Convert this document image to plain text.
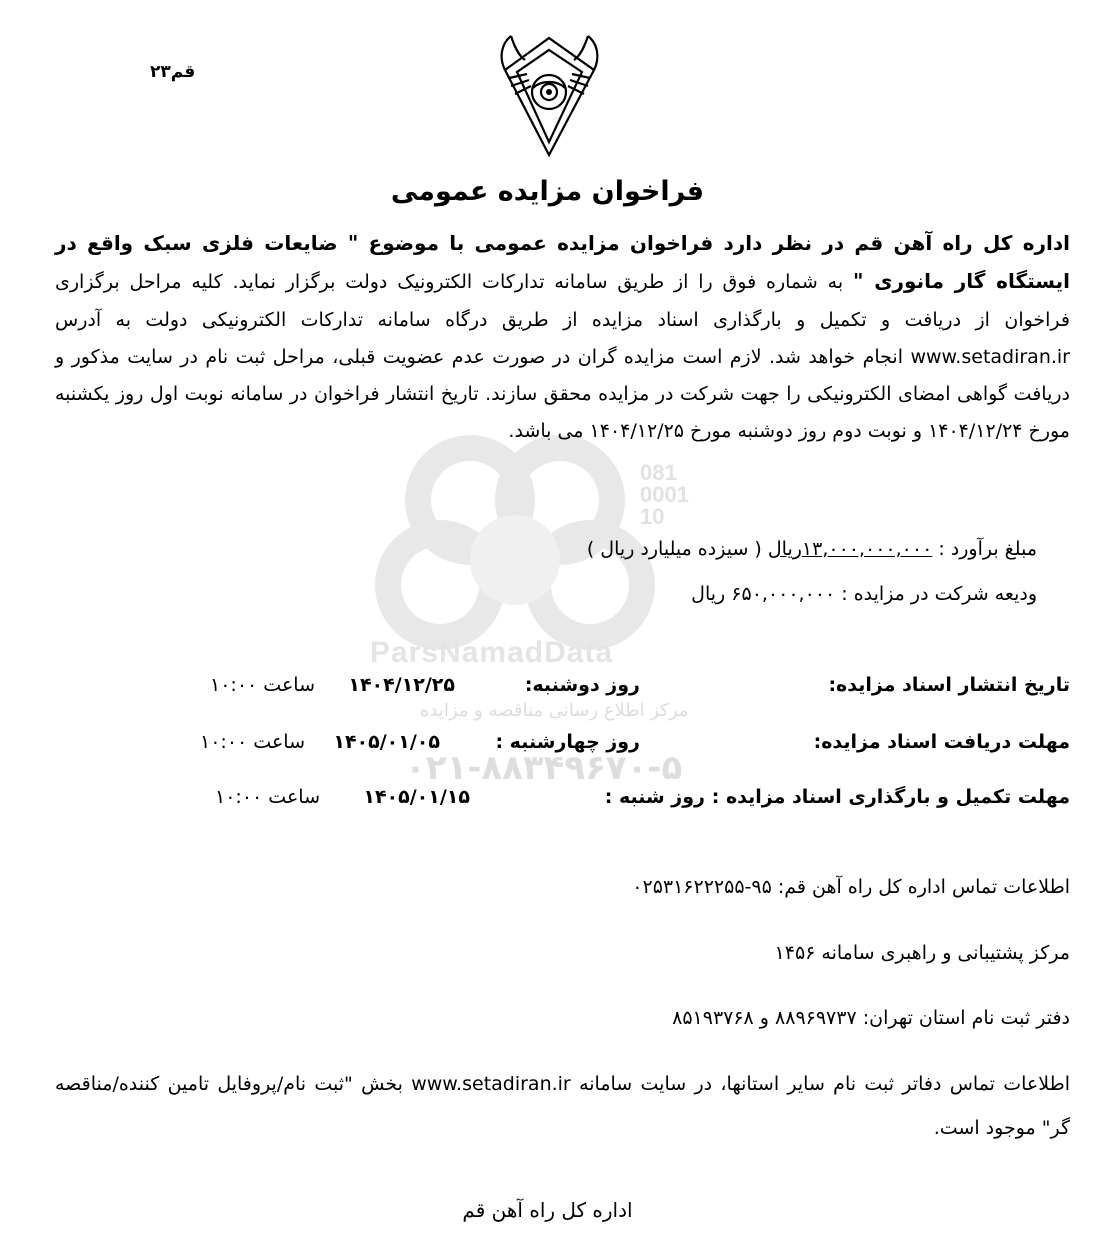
081
0001
10
ParsNamadData
مرکز اطلاع رسانی مناقصه و مزایده
۰۲۱-۸۸۳۴۹۶۷۰-۵
قم۲۳
فراخوان مزایده عمومی
اداره کل راه آهن قم در نظر دارد فراخوان مزایده عمومی با موضوع " ضایعات فلزی سبک واقع در ایستگاه گار مانوری " به شماره فوق را از طریق سامانه تدارکات الکترونیک دولت برگزار نماید. کلیه مراحل برگزاری فراخوان از دریافت و تکمیل و بارگذاری اسناد مزایده از طریق درگاه سامانه تدارکات الکترونیکی دولت به آدرس www.setadiran.ir انجام خواهد شد. لازم است مزایده گران در صورت عدم عضویت قبلی، مراحل ثبت نام در سایت مذکور و دریافت گواهی امضای الکترونیکی را جهت شرکت در مزایده محقق سازند. تاریخ انتشار فراخوان در سامانه نوبت اول روز یکشنبه مورخ ۱۴۰۴/۱۲/۲۴ و نوبت دوم روز دوشنبه مورخ ۱۴۰۴/۱۲/۲۵ می باشد.
مبلغ برآورد : ۱۳,۰۰۰,۰۰۰,۰۰۰ریال ( سیزده میلیارد ریال )
ودیعه شرکت در مزایده : ۶۵۰,۰۰۰,۰۰۰ ریال
تاریخ انتشار اسناد مزایده:
روز دوشنبه:
۱۴۰۴/۱۲/۲۵
ساعت ۱۰:۰۰
مهلت دریافت اسناد مزایده:
روز چهارشنبه :
۱۴۰۵/۰۱/۰۵
ساعت ۱۰:۰۰
مهلت تکمیل و بارگذاری اسناد مزایده :
روز شنبه :
۱۴۰۵/۰۱/۱۵
ساعت ۱۰:۰۰
اطلاعات تماس اداره کل راه آهن قم: ۹۵-۰۲۵۳۱۶۲۲۲۵۵
مرکز پشتیبانی و راهبری سامانه ۱۴۵۶
دفتر ثبت نام استان تهران: ۸۸۹۶۹۷۳۷ و ۸۵۱۹۳۷۶۸
اطلاعات تماس دفاتر ثبت نام سایر استانها، در سایت سامانه www.setadiran.ir بخش "ثبت نام/پروفایل تامین کننده/مناقصه گر" موجود است.
اداره کل راه آهن قم
